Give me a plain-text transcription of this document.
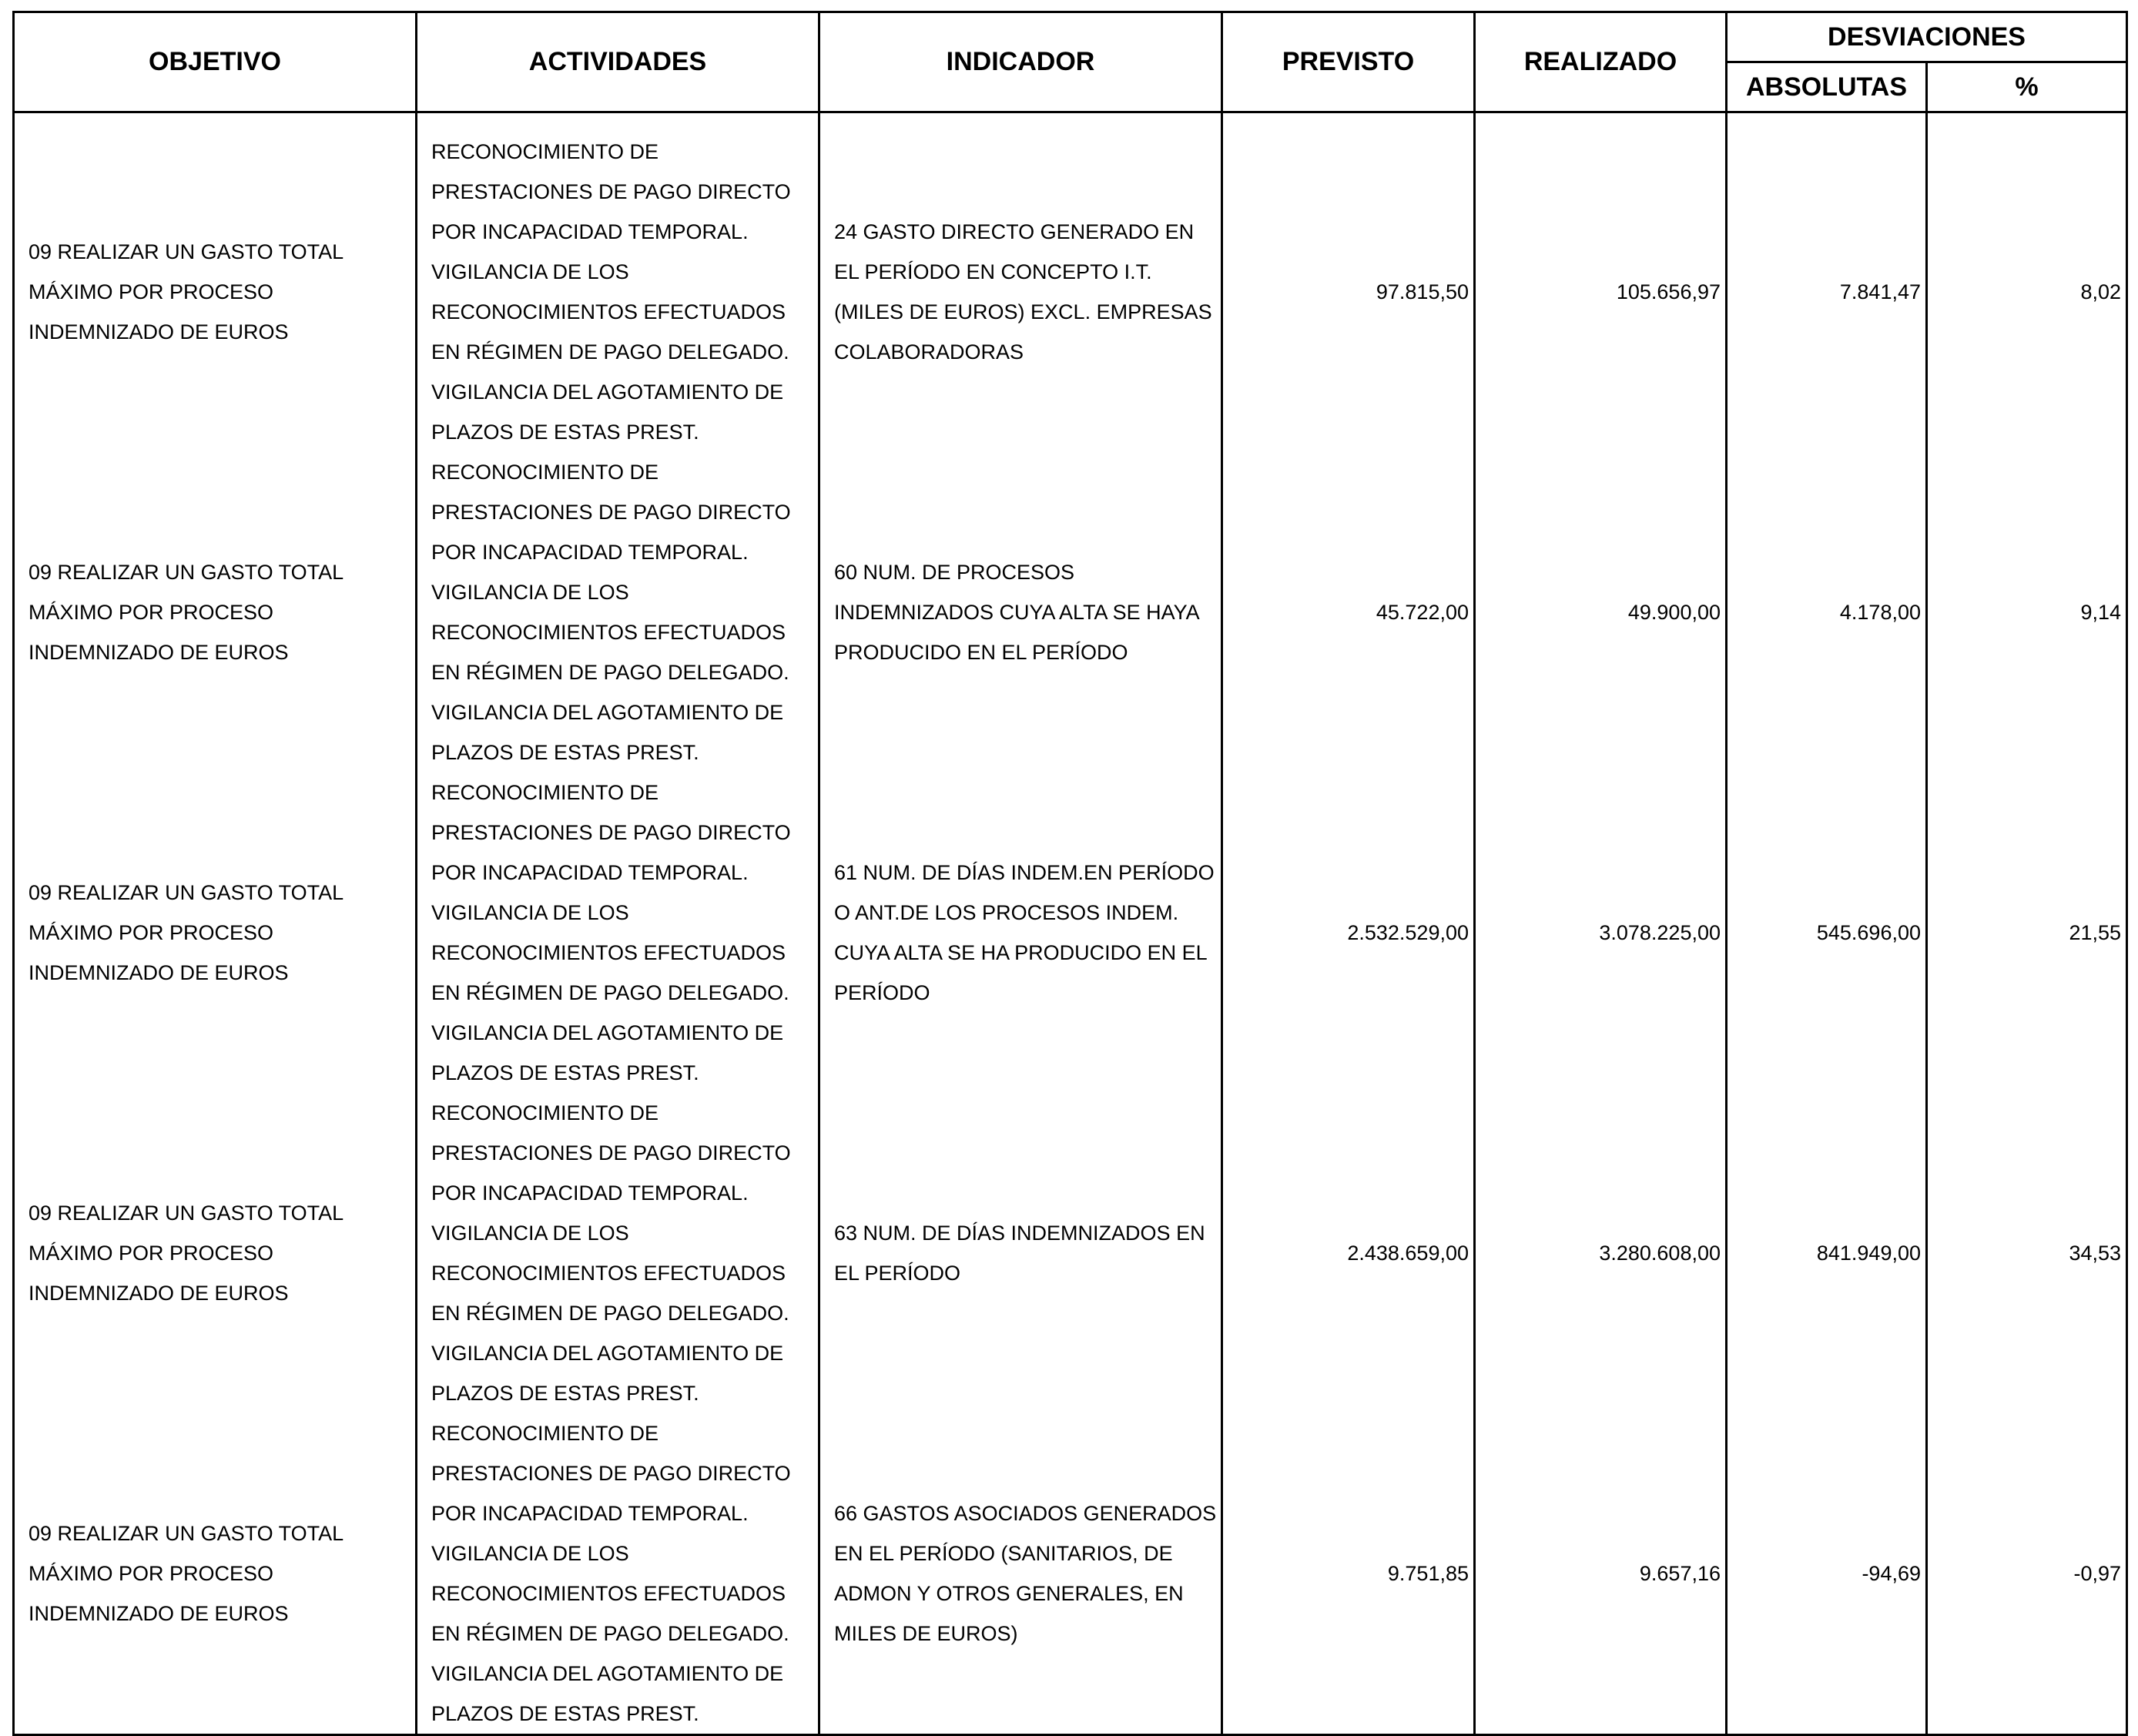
OBJETIVO	ACTIVIDADES	INDICADOR	PREVISTO	REALIZADO	DESVIACIONES	
					ABSOLUTAS	%
09 REALIZAR UN GASTO TOTAL MÁXIMO POR PROCESO INDEMNIZADO DE EUROS	RECONOCIMIENTO DE PRESTACIONES DE PAGO DIRECTO POR INCAPACIDAD TEMPORAL. VIGILANCIA DE LOS RECONOCIMIENTOS EFECTUADOS EN RÉGIMEN DE PAGO DELEGADO. VIGILANCIA DEL AGOTAMIENTO DE PLAZOS DE ESTAS PREST.	24 GASTO DIRECTO GENERADO EN EL PERÍODO EN CONCEPTO I.T.(MILES DE EUROS) EXCL. EMPRESAS COLABORADORAS	97.815,50	105.656,97	7.841,47	8,02
09 REALIZAR UN GASTO TOTAL MÁXIMO POR PROCESO INDEMNIZADO DE EUROS	RECONOCIMIENTO DE PRESTACIONES DE PAGO DIRECTO POR INCAPACIDAD TEMPORAL. VIGILANCIA DE LOS RECONOCIMIENTOS EFECTUADOS EN RÉGIMEN DE PAGO DELEGADO. VIGILANCIA DEL AGOTAMIENTO DE PLAZOS DE ESTAS PREST.	60 NUM. DE PROCESOS INDEMNIZADOS CUYA ALTA SE HAYA PRODUCIDO EN EL PERÍODO	45.722,00	49.900,00	4.178,00	9,14
09 REALIZAR UN GASTO TOTAL MÁXIMO POR PROCESO INDEMNIZADO DE EUROS	RECONOCIMIENTO DE PRESTACIONES DE PAGO DIRECTO POR INCAPACIDAD TEMPORAL. VIGILANCIA DE LOS RECONOCIMIENTOS EFECTUADOS EN RÉGIMEN DE PAGO DELEGADO. VIGILANCIA DEL AGOTAMIENTO DE PLAZOS DE ESTAS PREST.	61 NUM. DE DÍAS INDEM.EN PERÍODO O ANT.DE LOS PROCESOS INDEM. CUYA ALTA SE HA PRODUCIDO EN EL PERÍODO	2.532.529,00	3.078.225,00	545.696,00	21,55
09 REALIZAR UN GASTO TOTAL MÁXIMO POR PROCESO INDEMNIZADO DE EUROS	RECONOCIMIENTO DE PRESTACIONES DE PAGO DIRECTO POR INCAPACIDAD TEMPORAL. VIGILANCIA DE LOS RECONOCIMIENTOS EFECTUADOS EN RÉGIMEN DE PAGO DELEGADO. VIGILANCIA DEL AGOTAMIENTO DE PLAZOS DE ESTAS PREST.	63 NUM. DE DÍAS INDEMNIZADOS EN EL PERÍODO	2.438.659,00	3.280.608,00	841.949,00	34,53
09 REALIZAR UN GASTO TOTAL MÁXIMO POR PROCESO INDEMNIZADO DE EUROS	RECONOCIMIENTO DE PRESTACIONES DE PAGO DIRECTO POR INCAPACIDAD TEMPORAL. VIGILANCIA DE LOS RECONOCIMIENTOS EFECTUADOS EN RÉGIMEN DE PAGO DELEGADO. VIGILANCIA DEL AGOTAMIENTO DE PLAZOS DE ESTAS PREST.	66 GASTOS ASOCIADOS GENERADOS EN EL PERÍODO (SANITARIOS, DE ADMON Y OTROS GENERALES, EN MILES DE EUROS)	9.751,85	9.657,16	-94,69	-0,97
